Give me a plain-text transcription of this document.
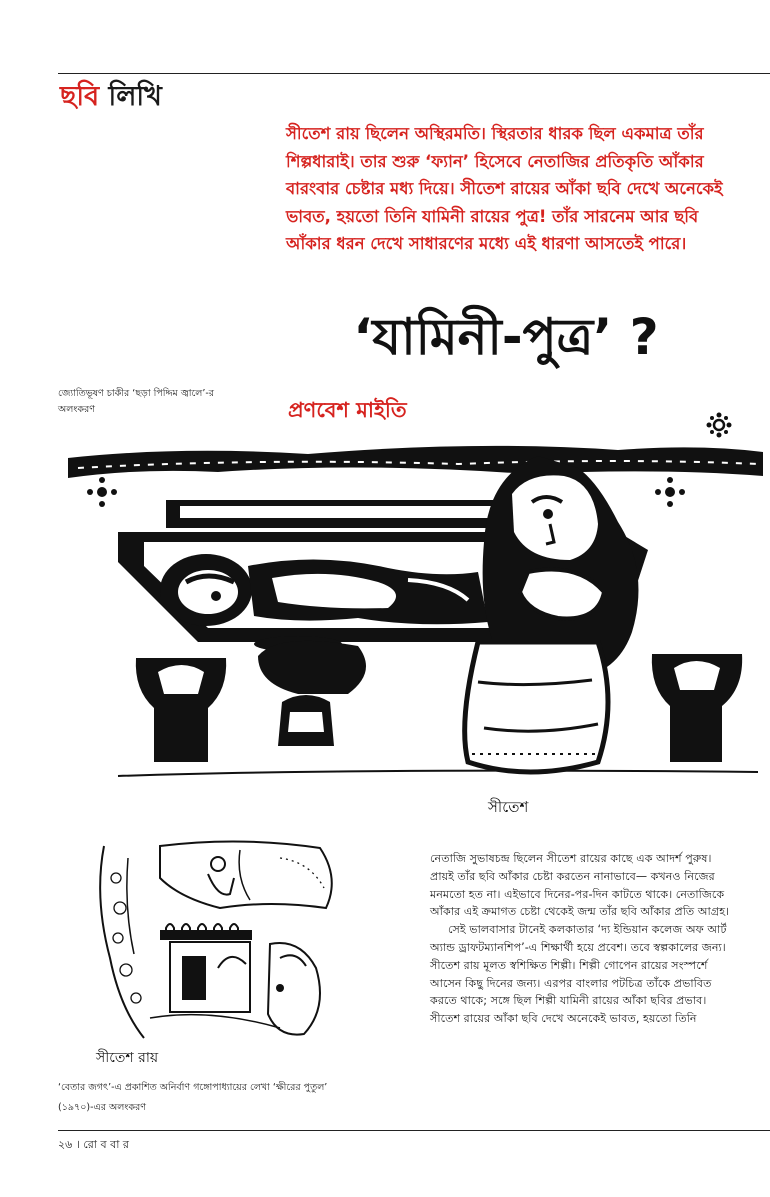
ছবি লিখি

সীতেশ রায় ছিলেন অস্থিরমতি। স্থিরতার ধারক ছিল একমাত্র তাঁর শিল্পধারাই। তার শুরু ‘ফ্যান’ হিসেবে নেতাজির প্রতিকৃতি আঁকার বারংবার চেষ্টার মধ্য দিয়ে। সীতেশ রায়ের আঁকা ছবি দেখে অনেকেই ভাবত, হয়তো তিনি যামিনী রায়ের পুত্র! তাঁর সারনেম আর ছবি আঁকার ধরন দেখে সাধারণের মধ্যে এই ধারণা আসতেই পারে।

‘যামিনী-পুত্র’ ?

জ্যোতিভূষণ চাকীর ‘ছড়া পিদ্দিম জ্বালে’-র অলংকরণ	প্রণবেশ মাইতি
সীতেশ
সীতেশ রায়

‘বেতার জগৎ’-এ প্রকাশিত অনির্বাণ গঙ্গোপাধ্যায়ের লেখা ‘ক্ষীরের পুতুল’ (১৯৭০)-এর অলংকরণ

নেতাজি সুভাষচন্দ্র ছিলেন সীতেশ রায়ের কাছে এক আদর্শ পুরুষ। প্রায়ই তাঁর ছবি আঁকার চেষ্টা করতেন নানাভাবে— কখনও নিজের মনমতো হত না। এইভাবে দিনের-পর-দিন কাটতে থাকে। নেতাজিকে আঁকার এই ক্রমাগত চেষ্টা থেকেই জন্ম তাঁর ছবি আঁকার প্রতি আগ্রহ।

সেই ভালবাসার টানেই কলকাতার ‘দ্য ইন্ডিয়ান কলেজ অফ আর্ট অ্যান্ড ড্রাফটম্যানশিপ’-এ শিক্ষার্থী হয়ে প্রবেশ। তবে স্বল্পকালের জন্য। সীতেশ রায় মূলত স্বশিক্ষিত শিল্পী। শিল্পী গোপেন রায়ের সংস্পর্শে আসেন কিছু দিনের জন্য। এরপর বাংলার পটচিত্র তাঁকে প্রভাবিত করতে থাকে; সঙ্গে ছিল শিল্পী যামিনী রায়ের আঁকা ছবির প্রভাব। সীতেশ রায়ের আঁকা ছবি দেখে অনেকেই ভাবত, হয়তো তিনি

২৬ । রো ব বা র
